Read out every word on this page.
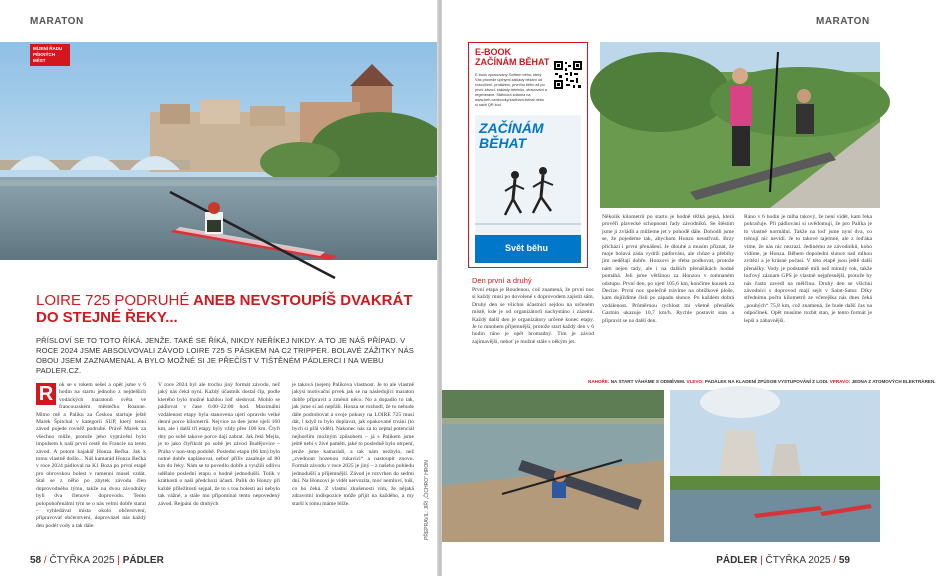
MARATON
MÍJENÍ ŘADU PĚKNÝCH MĚST
LOIRE 725 PODRUHÉ ANEB NEVSTOUPÍŠ DVAKRÁT DO STEJNÉ ŘEKY...
PŘÍSLOVÍ SE TO TOTO ŘÍKÁ. JENŽE. TAKÉ SE ŘÍKÁ, NIKDY NEŘÍKEJ NIKDY. A TO JE NÁŠ PŘÍPAD. V ROCE 2024 JSME ABSOLVOVALI ZÁVOD LOIRE 725 S PÁSKEM NA C2 TRIPPER. BOLAVÉ ZÁŽITKY NÁS OBOU JSEM ZAZNAMENAL A BYLO MOŽNÉ SI JE PŘEČÍST V TIŠTĚNÉM PÁDLERCI I NA WEBU PADLER.CZ.
R	ok se s rokem sešel a opět jsme v 6 hodin na startu jednoho z nejdelších vodáckých maratonů světa ve francouzském městečku Roanne. Mimo mě a Paliku za Českou startuje ještě Marek Špitchal v kategorii SUP, který tento závod pojede rovněž podruhé. Právě Marek za všechno může, protože jeho vyprávění bylo impulsem k naší první cestě do Francie na tento závod. A potom kajakář Honza Bečka. Jak k tomu vlastně došlo... Náš kamarád Honza Bečka v roce 2024 pádloval na K1 Boza po první etapě pro obrovskou bolest v ramenní musel vzdát. Stal se z něho po zbytek závodu člen doprovodného týmu, takže na dvou závodníky byli dva členové doprovodu. Tento polopohořenálmí tým se o nás velmi dobře staral – vyhledával místa okolo občerstvení, připravoval občerstvení, doprovázel nás každý den podél vody a tak dále.
V roce 2024 byl ale trochu jiný formát závodu, než jaký nás čeká nyní. Každý účastník dostal čip, podle kterého bylo možné každou loď sledovat. Mohlo se pádlovat v čase 6:00–22:00 hod. Maximální vzdálenost etapy byla stanovena ujetí opravdu velké denní porce kilometrů. Nejvíce za den jsme ujeli 160 km, ale i další tři etapy byly vždy přes 100 km. Čtyři dny po sobě takové porce dají zabrat. Jak řekl Mejla, je to jako čtyřikrát po sobě jet závod Budějovice – Praha v non-stop podobě. Poslední etapu (66 km) bylo nutné dobře naplánovat, neboť příliv zasahuje až 80 km do řeky. Nám se to povedlo dobře a využili odlivu udělalo poslední etapu o hodně jednodušší. Tolik v krátkosti o naší předchozí účasti. Palik do Honzy při každé příležitosti sejpal, že to s tou bolestí asi nebylo tak vážné, a stále mu připomínal tento nepovedený závod. Rejpání do druhých
je taková (nejen) Palíkova vlastnost. Je to ale vlastně jakýsi motivační prvek jak se na následující maraton dobře připravit a změnit něco. No a dopadlo to tak, jak jsme si asi nepřáli. Honza se rozhodl, že to nebude dále podrobovat a svoje pokusy na LOIRE 725 musí dát, i když to bylo doplavat, jak opakované trvání (to bych si přál vidět). Nakonec nás za to zeptal potenciál nejhorším možným způsobem – já s Palíkem jsme ještě nebi v živé paměti, jaké to posledně bylo utrpení, jenže jsme kamarádi, a tak nám nezbylo, než „zvednout hozenou rukavici“ a nastoupit znovu. Formát závodu v roce 2025 je jiný – z našeho pohledu jednodušší a příjemnější. Závod je rozvrhen do sedmi dní. Na Honzovi je vidět nervozita, moc nemluví, tuší, co ho čeká. Z vlastní zkušenosti vím, že nějaká zdravotní indispozice může přijít na každého, a my starší k tomu máme blíže.	PŘEPRAVIL: JIŘÍ „ČICHRO“ HRON
58 / ČTYŘKA 2025 | PÁDLER
MARATON
E-BOOK ZAČÍNÁM BĚHAT
E-book zpracovaný Světem běhu, který Vás provede úplnými základy běžání od rozcvičení, protažení, prvního běhu až po první závod, základy tréninku, stravování a regenerace. Stáhnout zdarma na www.beh.cz/ebooky/zacinam-behat nebo si načti QR kód.
ZAČÍNÁM BĚHAT
Svět běhu
Den první a druhý
První etapa je Roudenou, což znamená, že první noc si každý musí po dovolené s doprovodem zajistit sám. Druhý den se všichni účastníci sejdou na určeném místě, kde je od organizátorů nachystáno i zázemí. Každý další den je organizátory určené konec etapy. Je to mnohem příjemnější, protože start každý den v 6 hodin ráno je opět hromadný. Tím je závod zajímavější, neboť je možné stále s někým jet.
Několik kilometrů po startu je hodně těžká pejsá, která prověří plavecké schopnosti řady závodníků. Se štěstím jsme ji zvládli a můžeme jet v pohodě dále. Dohodli jsme se, že pojedeme tak, abychom Honzu neustřvali. Brzy přichází i první přenášení. Je dlouhé a musím přiznat, že moje bolavá záda vydrží pádlování, ale chůze a přebíhy jim nedělají dobře. Honzovi je třeba podkovat, protože nám nejen tady, ale i na dalších přenášíkách hodně pomáhá. Jeli jsme většinou za Honzou v tomnaném odstupu. První den, po ujetí 105,6 km, končíme kousek za Decize. První noc společně trávíme na obtížkové ploše, kam dojíždíme čísli po západu slunce. Po každém dobrá vzdálenost. Průměrnou rychlost mi všetně přenášek Garmin ukazuje 10,7 km/h. Rychle postavit stan a připravit se na další den.
Ráno v 6 hodin je mlha takový, že není vidět, kam řeka pokračuje. Při pádlování si uvědomuji, že pro Palíka je to vlastně normální. Takže na loď jsme nyní dva, co trénují nic nevidí. Je to takové tajemné, ale z loďáka víme, že nás nic nezrazí. Jedinému ze závodníků, koho vidíme, je Honza. Během dopolední slunce nad mlhou zvítězí a je krásné počasí. V této etapě jsou ještě další přenášky. Vody je podstatně míň než minulý rok, takže loďový záznam GPS je vlastně nejpřesnější, protože by nás často zavedl na mělčinu. Druhý den se všichni závodníci s doprovod mají sejít v Saint-Satur. Díky střednímu počtu kilometrů ze včerejška nás dnes čeká „pouhých“ 75,8 km, což znamená, že bude další čas na odpočinek. Opět musíme rozbít stan, je tento formát je lepší a zábavnější.
NAHOŘE: NA START VÁHÁME S ODMĚVEM. VLEVO: PADÁLEK NA KLADENÍ ZPŮSOB VYSTUPOVÁNÍ Z LODI. VPRAVO: JEDNA Z ATOMOVÝCH ELEKTRÁREN.
PÁDLER | ČTYŘKA 2025 / 59
